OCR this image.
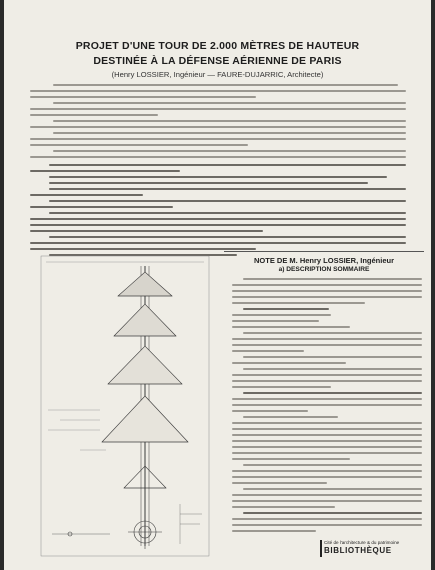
PROJET D'UNE TOUR DE 2.000 MÈTRES DE HAUTEUR
DESTINÉE À LA DÉFENSE AÉRIENNE DE PARIS
(Henry LOSSIER, Ingénieur — FAURE-DUJARRIC, Architecte)
NOTE DE M. Henry LOSSIER, Ingénieur
a) DESCRIPTION SOMMAIRE
Cité de l'architecture & du patrimoine
BIBLIOTHÈQUE
